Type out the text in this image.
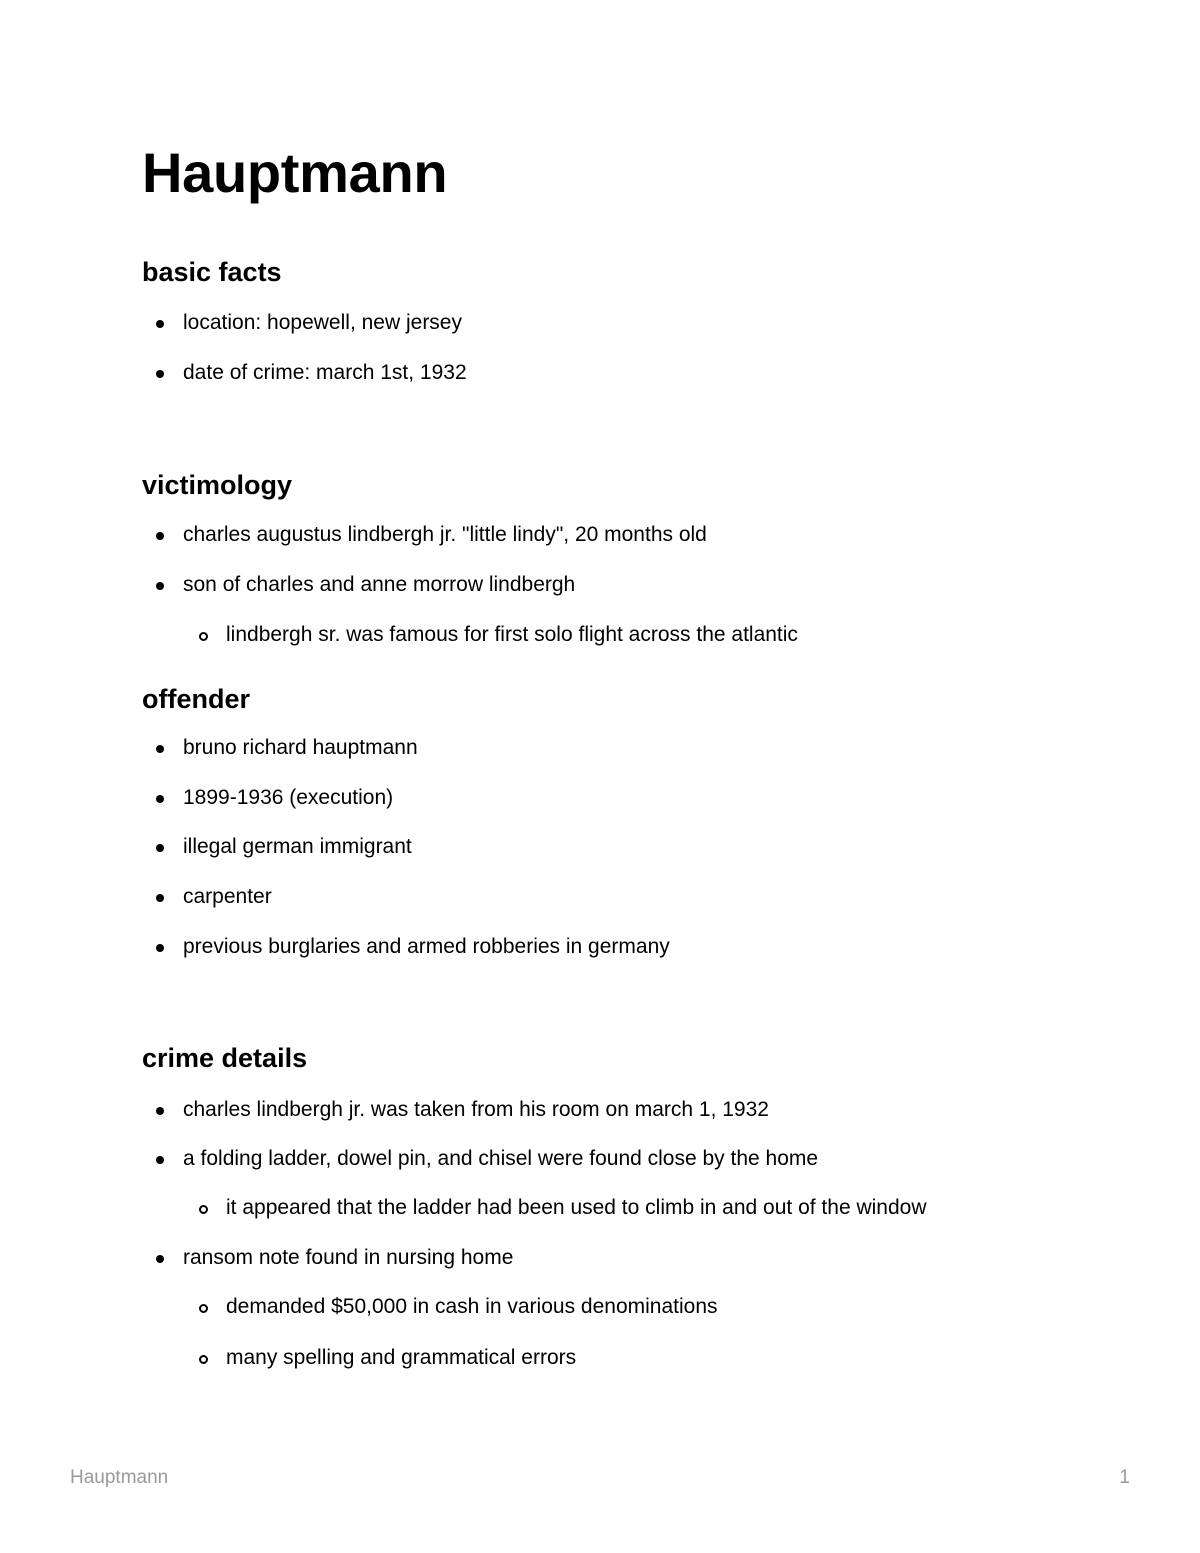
Hauptmann
basic facts
location: hopewell, new jersey
date of crime: march 1st, 1932
victimology
charles augustus lindbergh jr. "little lindy", 20 months old
son of charles and anne morrow lindbergh
lindbergh sr. was famous for first solo flight across the atlantic
offender
bruno richard hauptmann
1899-1936 (execution)
illegal german immigrant
carpenter
previous burglaries and armed robberies in germany
crime details
charles lindbergh jr. was taken from his room on march 1, 1932
a folding ladder, dowel pin, and chisel were found close by the home
it appeared that the ladder had been used to climb in and out of the window
ransom note found in nursing home
demanded $50,000 in cash in various denominations
many spelling and grammatical errors
Hauptmann	1
